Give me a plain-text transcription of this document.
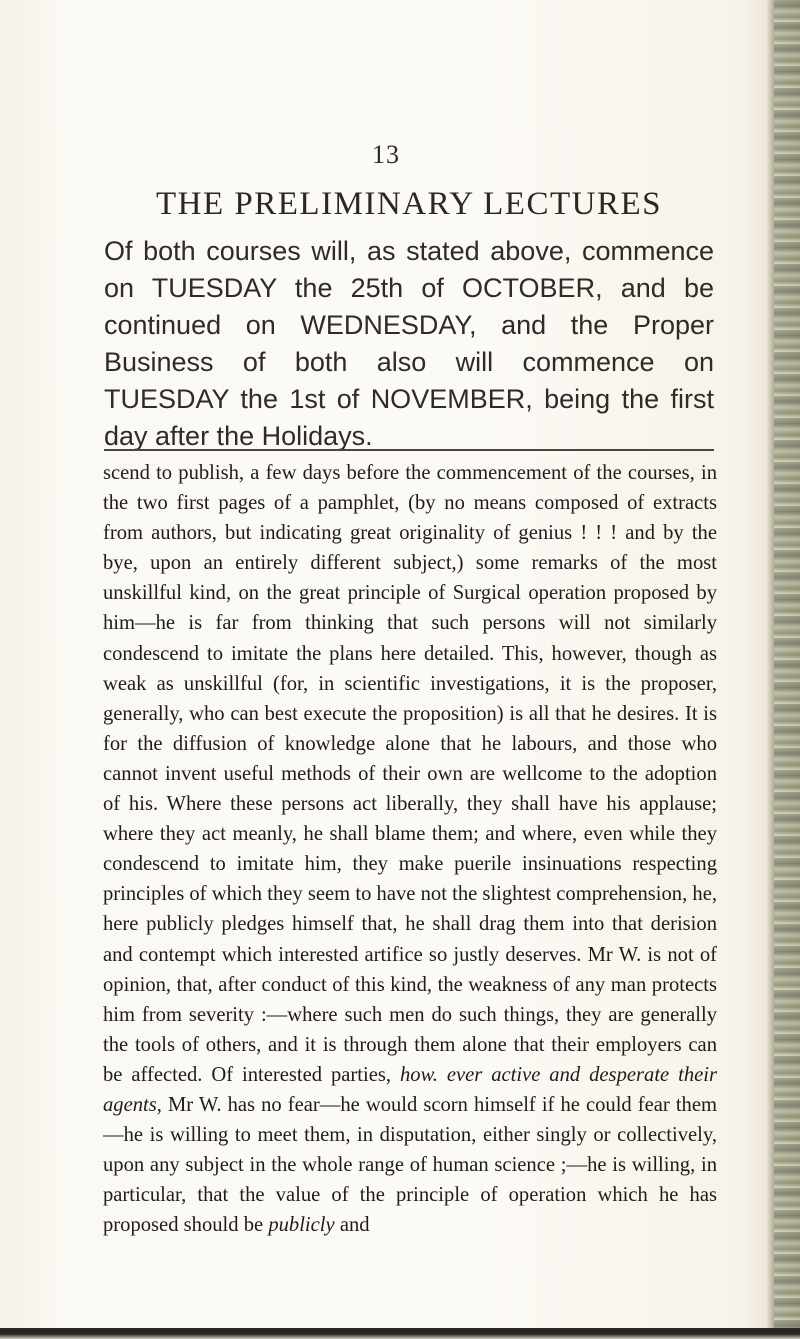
13
THE PRELIMINARY LECTURES

Of both courses will, as stated above, commence on TUESDAY the 25th of OCTOBER, and be continued on WEDNESDAY, and the Proper Business of both also will commence on TUESDAY the 1st of NOVEMBER, being the first day after the Holidays.

scend to publish, a few days before the commencement of the courses, in the two first pages of a pamphlet, (by no means composed of extracts from authors, but indicating great originality of genius ! ! ! and by the bye, upon an entirely different subject,) some remarks of the most unskillful kind, on the great principle of Surgical operation proposed by him—he is far from thinking that such persons will not similarly condescend to imitate the plans here detailed. This, however, though as weak as unskillful (for, in scientific investigations, it is the proposer, generally, who can best execute the proposition) is all that he desires. It is for the diffusion of knowledge alone that he labours, and those who cannot invent useful methods of their own are wellcome to the adoption of his. Where these persons act liberally, they shall have his applause; where they act meanly, he shall blame them; and where, even while they condescend to imitate him, they make puerile insinuations respecting principles of which they seem to have not the slightest comprehension, he, here publicly pledges himself that, he shall drag them into that derision and contempt which interested artifice so justly deserves. Mr W. is not of opinion, that, after conduct of this kind, the weakness of any man protects him from severity :—where such men do such things, they are generally the tools of others, and it is through them alone that their employers can be affected. Of interested parties, how. ever active and desperate their agents, Mr W. has no fear—he would scorn himself if he could fear them—he is willing to meet them, in disputation, either singly or collectively, upon any subject in the whole range of human science ;—he is willing, in particular, that the value of the principle of operation which he has proposed should be publicly and
